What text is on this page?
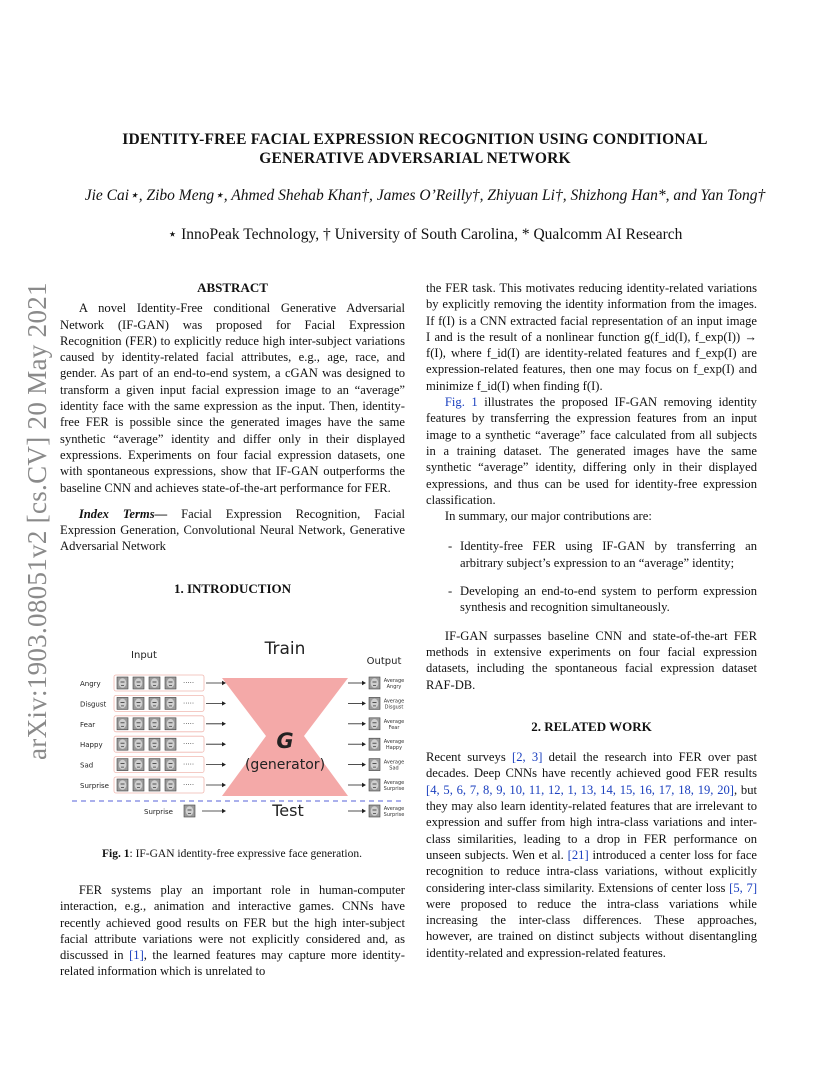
arXiv:1903.08051v2 [cs.CV] 20 May 2021
IDENTITY-FREE FACIAL EXPRESSION RECOGNITION USING CONDITIONAL
GENERATIVE ADVERSARIAL NETWORK
Jie Cai⋆, Zibo Meng⋆, Ahmed Shehab Khan†, James O’Reilly†, Zhiyuan Li†, Shizhong Han*, and Yan Tong†
⋆ InnoPeak Technology, † University of South Carolina, * Qualcomm AI Research
ABSTRACT

A novel Identity-Free conditional Generative Adversarial Network (IF-GAN) was proposed for Facial Expression Recognition (FER) to explicitly reduce high inter-subject variations caused by identity-related facial attributes, e.g., age, race, and gender. As part of an end-to-end system, a cGAN was designed to transform a given input facial expression image to an “average” identity face with the same expression as the input. Then, identity-free FER is possible since the generated images have the same synthetic “average” identity and differ only in their displayed expressions. Experiments on four facial expression datasets, one with spontaneous expressions, show that IF-GAN outperforms the baseline CNN and achieves state-of-the-art performance for FER.

Index Terms— Facial Expression Recognition, Facial Expression Generation, Convolutional Neural Network, Generative Adversarial Network

1. INTRODUCTION
Train
Input
Output
G
(generator)
Test
Angry	·····	Average
Angry
Disgust	·····	Average
Disgust
Fear	·····	Average
Fear
Happy	·····	Average
Happy
Sad	·····	Average
Sad
Surprise	·····	Average
Surprise
Surprise	Average
Surprise
Fig. 1: IF-GAN identity-free expressive face generation.

FER systems play an important role in human-computer interaction, e.g., animation and interactive games. CNNs have recently achieved good results on FER but the high inter-subject facial attribute variations were not explicitly considered and, as discussed in [1], the learned features may capture more identity-related information which is unrelated to

the FER task. This motivates reducing identity-related variations by explicitly removing the identity information from the images. If f(I) is a CNN extracted facial representation of an input image I and is the result of a nonlinear function g(f_id(I), f_exp(I)) → f(I), where f_id(I) are identity-related features and f_exp(I) are expression-related features, then one may focus on f_exp(I) and minimize f_id(I) when finding f(I).

Fig. 1 illustrates the proposed IF-GAN removing identity features by transferring the expression features from an input image to a synthetic “average” face calculated from all subjects in a training dataset. The generated images have the same synthetic “average” identity, differing only in their displayed expressions, and thus can be used for identity-free expression classification.

In summary, our major contributions are:

- Identity-free FER using IF-GAN by transferring an arbitrary subject’s expression to an “average” identity;
- Developing an end-to-end system to perform expression synthesis and recognition simultaneously.

IF-GAN surpasses baseline CNN and state-of-the-art FER methods in extensive experiments on four facial expression datasets, including the spontaneous facial expression dataset RAF-DB.

2. RELATED WORK

Recent surveys [2, 3] detail the research into FER over past decades. Deep CNNs have recently achieved good FER results [4, 5, 6, 7, 8, 9, 10, 11, 12, 1, 13, 14, 15, 16, 17, 18, 19, 20], but they may also learn identity-related features that are irrelevant to expression and suffer from high intra-class variations and inter-class similarities, leading to a drop in FER performance on unseen subjects. Wen et al. [21] introduced a center loss for face recognition to reduce intra-class variations, without explicitly considering inter-class similarity. Extensions of center loss [5, 7] were proposed to reduce the intra-class variations while increasing the inter-class differences. These approaches, however, are trained on distinct subjects without disentangling identity-related and expression-related features.
